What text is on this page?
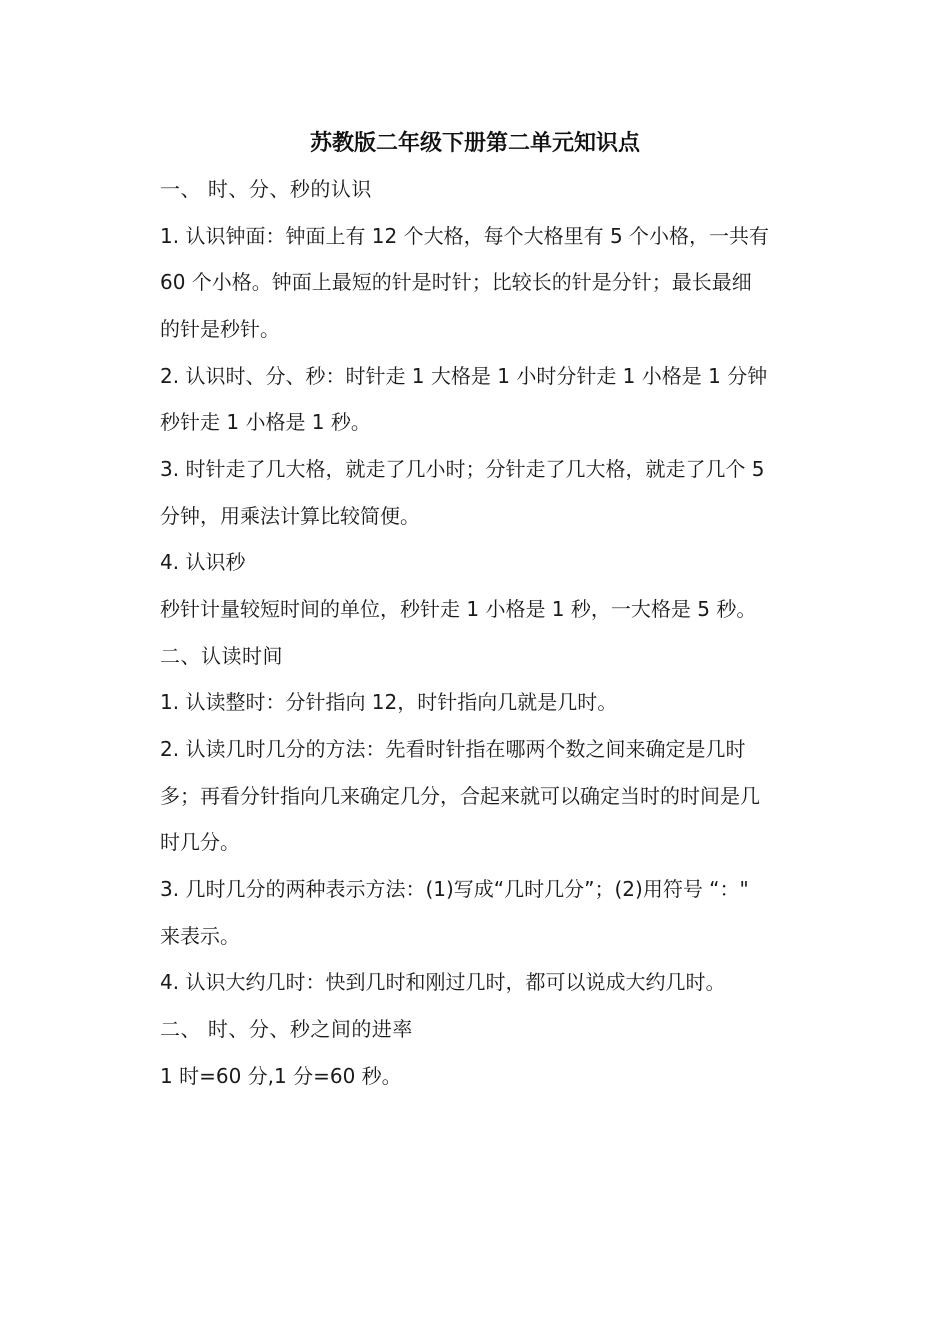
苏教版二年级下册第二单元知识点
一、 时、分、秒的认识
1. 认识钟面：钟面上有 12 个大格，每个大格里有 5 个小格，一共有
60 个小格。钟面上最短的针是时针；比较长的针是分针；最长最细
的针是秒针。
2. 认识时、分、秒：时针走 1 大格是 1 小时分针走 1 小格是 1 分钟
秒针走 1 小格是 1 秒。
3. 时针走了几大格，就走了几小时；分针走了几大格，就走了几个 5
分钟，用乘法计算比较简便。
4. 认识秒
秒针计量较短时间的单位，秒针走 1 小格是 1 秒，一大格是 5 秒。
二、认读时间
1. 认读整时：分针指向 12，时针指向几就是几时。
2. 认读几时几分的方法：先看时针指在哪两个数之间来确定是几时
多；再看分针指向几来确定几分，合起来就可以确定当时的时间是几
时几分。
3. 几时几分的两种表示方法：(1)写成“几时几分”；(2)用符号 “："
来表示。
4. 认识大约几时：快到几时和刚过几时，都可以说成大约几时。
二、 时、分、秒之间的进率
1 时=60 分,1 分=60 秒。
